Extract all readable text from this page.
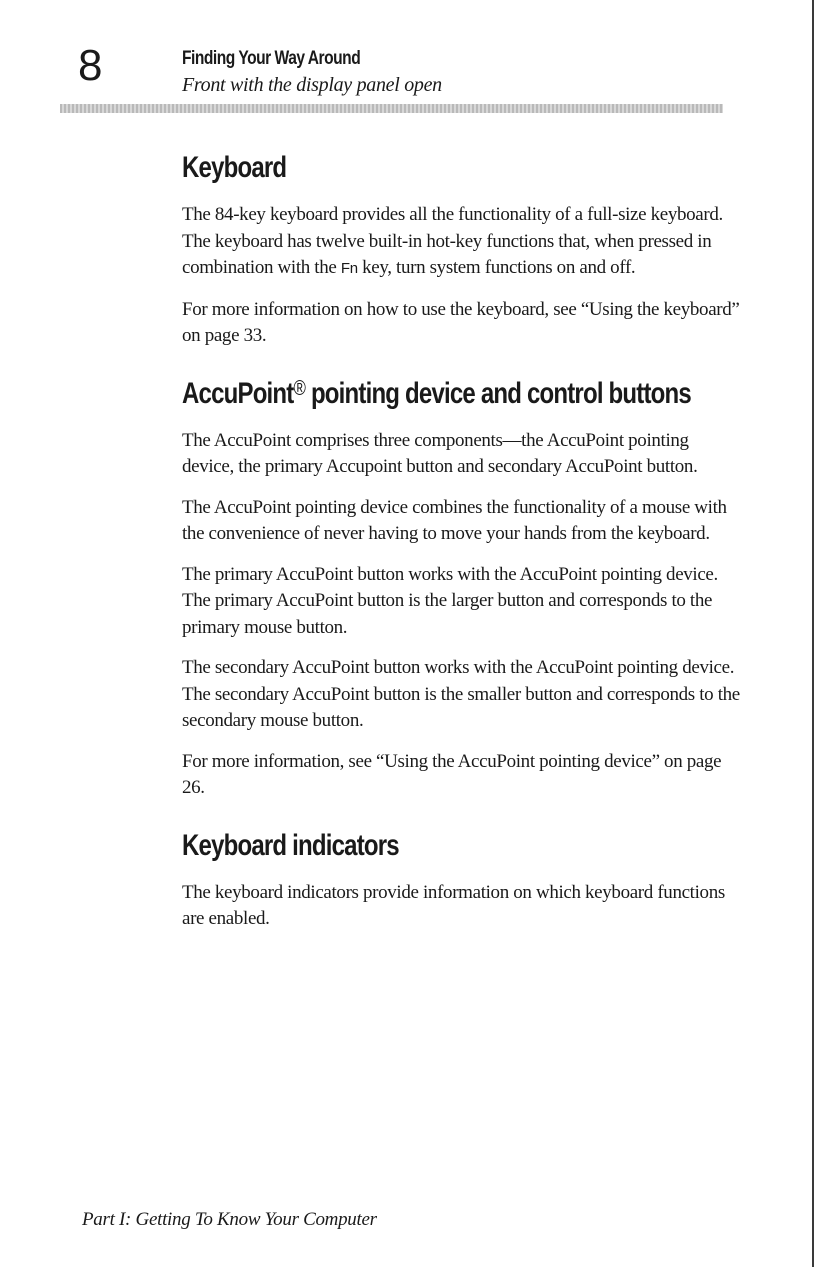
8	Finding Your Way Around
Front with the display panel open
Keyboard

The 84-key keyboard provides all the functionality of a full-size keyboard. The keyboard has twelve built-in hot-key functions that, when pressed in combination with the Fn key, turn system functions on and off.

For more information on how to use the keyboard, see “Using the keyboard” on page 33.

AccuPoint® pointing device and control buttons

The AccuPoint comprises three components—the AccuPoint pointing device, the primary Accupoint button and secondary AccuPoint button.

The AccuPoint pointing device combines the functionality of a mouse with the convenience of never having to move your hands from the keyboard.

The primary AccuPoint button works with the AccuPoint pointing device. The primary AccuPoint button is the larger button and corresponds to the primary mouse button.

The secondary AccuPoint button works with the AccuPoint pointing device. The secondary AccuPoint button is the smaller button and corresponds to the secondary mouse button.

For more information, see “Using the AccuPoint pointing device” on page 26.

Keyboard indicators

The keyboard indicators provide information on which keyboard functions are enabled.

Part I: Getting To Know Your Computer
